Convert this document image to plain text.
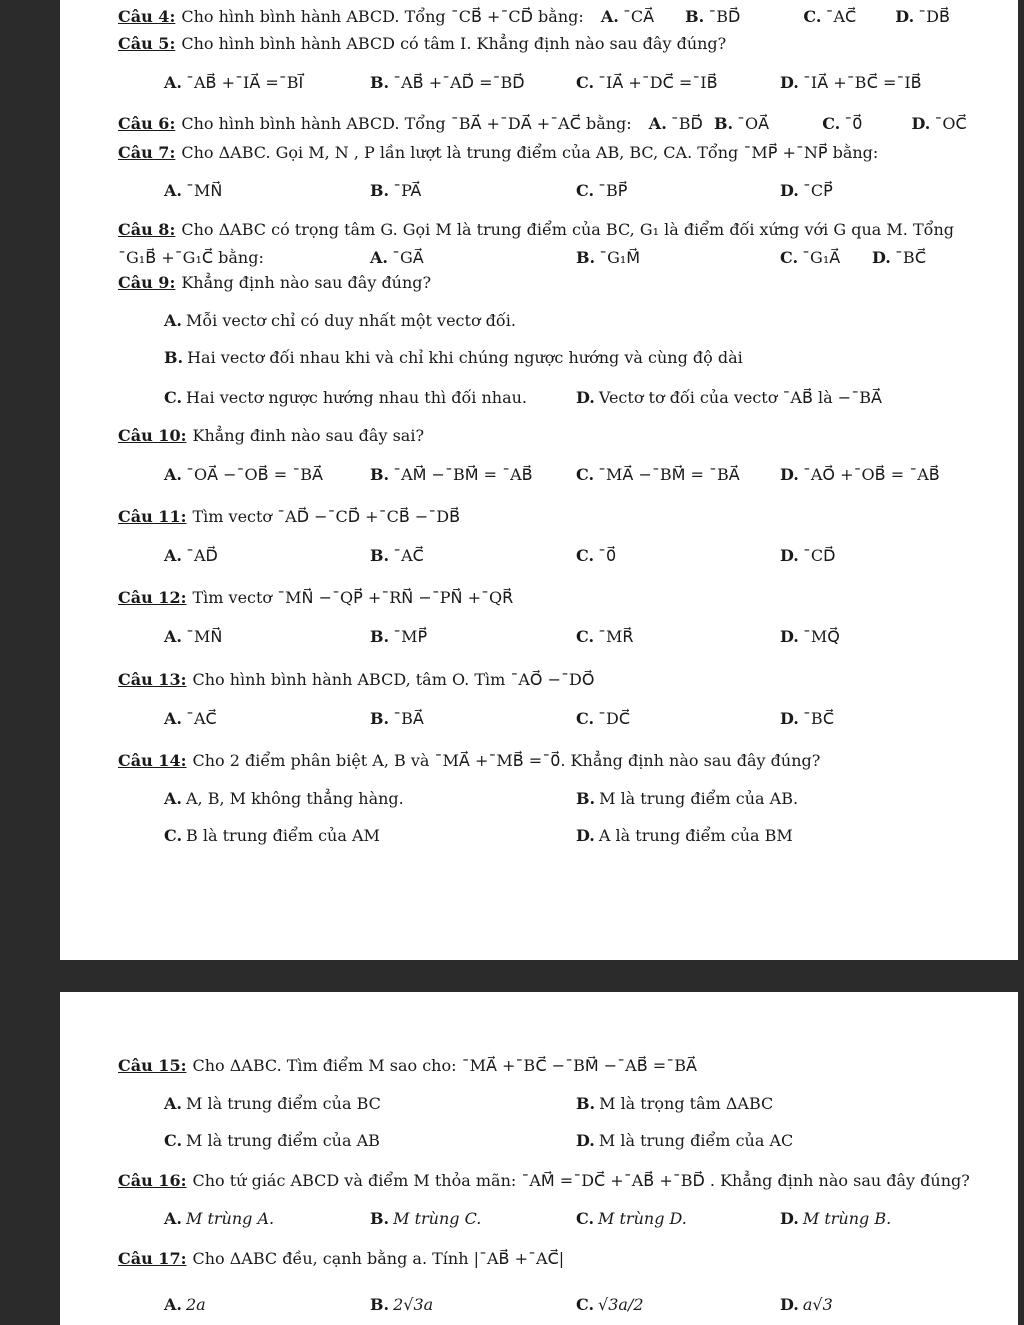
Câu 4: Cho hình bình hành ABCD. Tổng ¯CB⃗ +¯CD⃗ bằng: A. ¯CA⃗ B. ¯BD⃗	C. ¯AC⃗ D. ¯DB⃗
Câu 5: Cho hình bình hành ABCD có tâm I. Khẳng định nào sau đây đúng?
A. ¯AB⃗ +¯IA⃗ =¯BI⃗	B. ¯AB⃗ +¯AD⃗ =¯BD⃗	C. ¯IA⃗ +¯DC⃗ =¯IB⃗	D. ¯IA⃗ +¯BC⃗ =¯IB⃗
Câu 6: Cho hình bình hành ABCD. Tổng ¯BA⃗ +¯DA⃗ +¯AC⃗ bằng: A. ¯BD⃗ B. ¯OA⃗	C. ¯0⃗	D. ¯OC⃗
Câu 7: Cho ΔABC. Gọi M, N , P lần lượt là trung điểm của AB, BC, CA. Tổng ¯MP⃗ +¯NP⃗ bằng:
A. ¯MN⃗	B. ¯PA⃗	C. ¯BP⃗	D. ¯CP⃗
Câu 8: Cho ΔABC có trọng tâm G. Gọi M là trung điểm của BC, G₁ là điểm đối xứng với G qua M. Tổng
¯G₁B⃗ +¯G₁C⃗ bằng:	A. ¯GA⃗	B. ¯G₁M⃗	C. ¯G₁A⃗ D. ¯BC⃗
Câu 9: Khẳng định nào sau đây đúng?
A. Mỗi vectơ chỉ có duy nhất một vectơ đối.
B. Hai vectơ đối nhau khi và chỉ khi chúng ngược hướng và cùng độ dài
C. Hai vectơ ngược hướng nhau thì đối nhau.	D. Vectơ tơ đối của vectơ ¯AB⃗ là −¯BA⃗
Câu 10: Khẳng đinh nào sau đây sai?
A. ¯OA⃗ −¯OB⃗ = ¯BA⃗	B. ¯AM⃗ −¯BM⃗ = ¯AB⃗	C. ¯MA⃗ −¯BM⃗ = ¯BA⃗	D. ¯AO⃗ +¯OB⃗ = ¯AB⃗
Câu 11: Tìm vectơ ¯AD⃗ −¯CD⃗ +¯CB⃗ −¯DB⃗
A. ¯AD⃗	B. ¯AC⃗	C. ¯0⃗	D. ¯CD⃗
Câu 12: Tìm vectơ ¯MN⃗ −¯QP⃗ +¯RN⃗ −¯PN⃗ +¯QR⃗
A. ¯MN⃗	B. ¯MP⃗	C. ¯MR⃗	D. ¯MQ⃗
Câu 13: Cho hình bình hành ABCD, tâm O. Tìm ¯AO⃗ −¯DO⃗
A. ¯AC⃗	B. ¯BA⃗	C. ¯DC⃗	D. ¯BC⃗
Câu 14: Cho 2 điểm phân biệt A, B và ¯MA⃗ +¯MB⃗ =¯0⃗. Khẳng định nào sau đây đúng?
A. A, B, M không thẳng hàng.	B. M là trung điểm của AB.
C. B là trung điểm của AM	D. A là trung điểm của BM
Câu 15: Cho ΔABC. Tìm điểm M sao cho: ¯MA⃗ +¯BC⃗ −¯BM⃗ −¯AB⃗ =¯BA⃗
A. M là trung điểm của BC	B. M là trọng tâm ΔABC
C. M là trung điểm của AB	D. M là trung điểm của AC
Câu 16: Cho tứ giác ABCD và điểm M thỏa mãn: ¯AM⃗ =¯DC⃗ +¯AB⃗ +¯BD⃗ . Khẳng định nào sau đây đúng?
A. M trùng A.	B. M trùng C.	C. M trùng D.	D. M trùng B.
Câu 17: Cho ΔABC đều, cạnh bằng a. Tính |¯AB⃗ +¯AC⃗|
A. 2a	B. 2√3a	C. √3a/2	D. a√3
